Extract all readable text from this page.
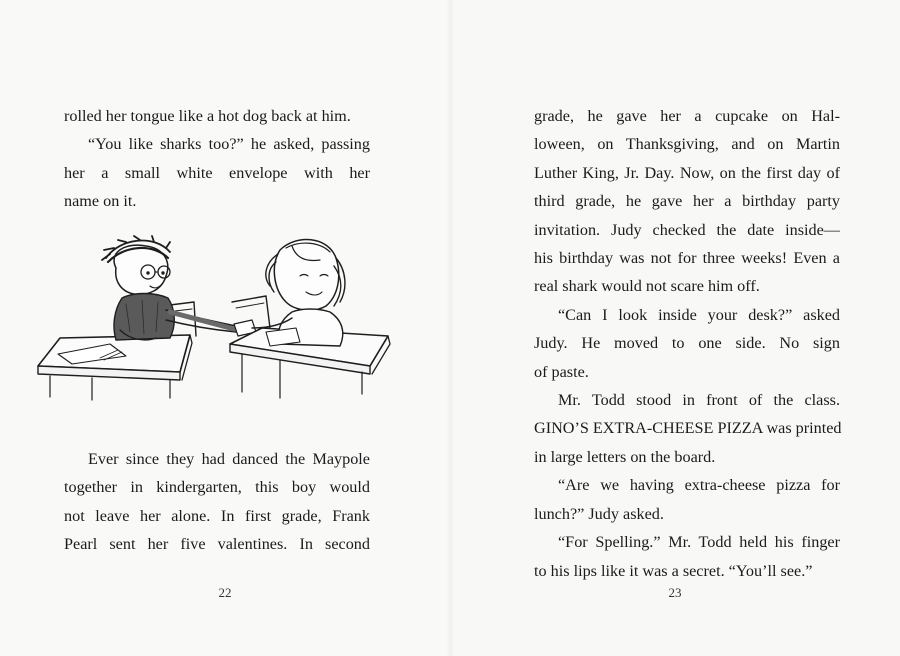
rolled her tongue like a hot dog back at him.
“You like sharks too?” he asked, passing
her a small white envelope with her
name on it.
Ever since they had danced the Maypole
together in kindergarten, this boy would
not leave her alone. In first grade, Frank
Pearl sent her five valentines. In second
22
grade, he gave her a cupcake on Hal-
loween, on Thanksgiving, and on Martin
Luther King, Jr. Day. Now, on the first day of
third grade, he gave her a birthday party
invitation. Judy checked the date inside—
his birthday was not for three weeks! Even a
real shark would not scare him off.
“Can I look inside your desk?” asked
Judy. He moved to one side. No sign
of paste.
Mr. Todd stood in front of the class.
GINO’S EXTRA-CHEESE PIZZA was printed
in large letters on the board.
“Are we having extra-cheese pizza for
lunch?” Judy asked.
“For Spelling.” Mr. Todd held his finger
to his lips like it was a secret. “You’ll see.”
23
